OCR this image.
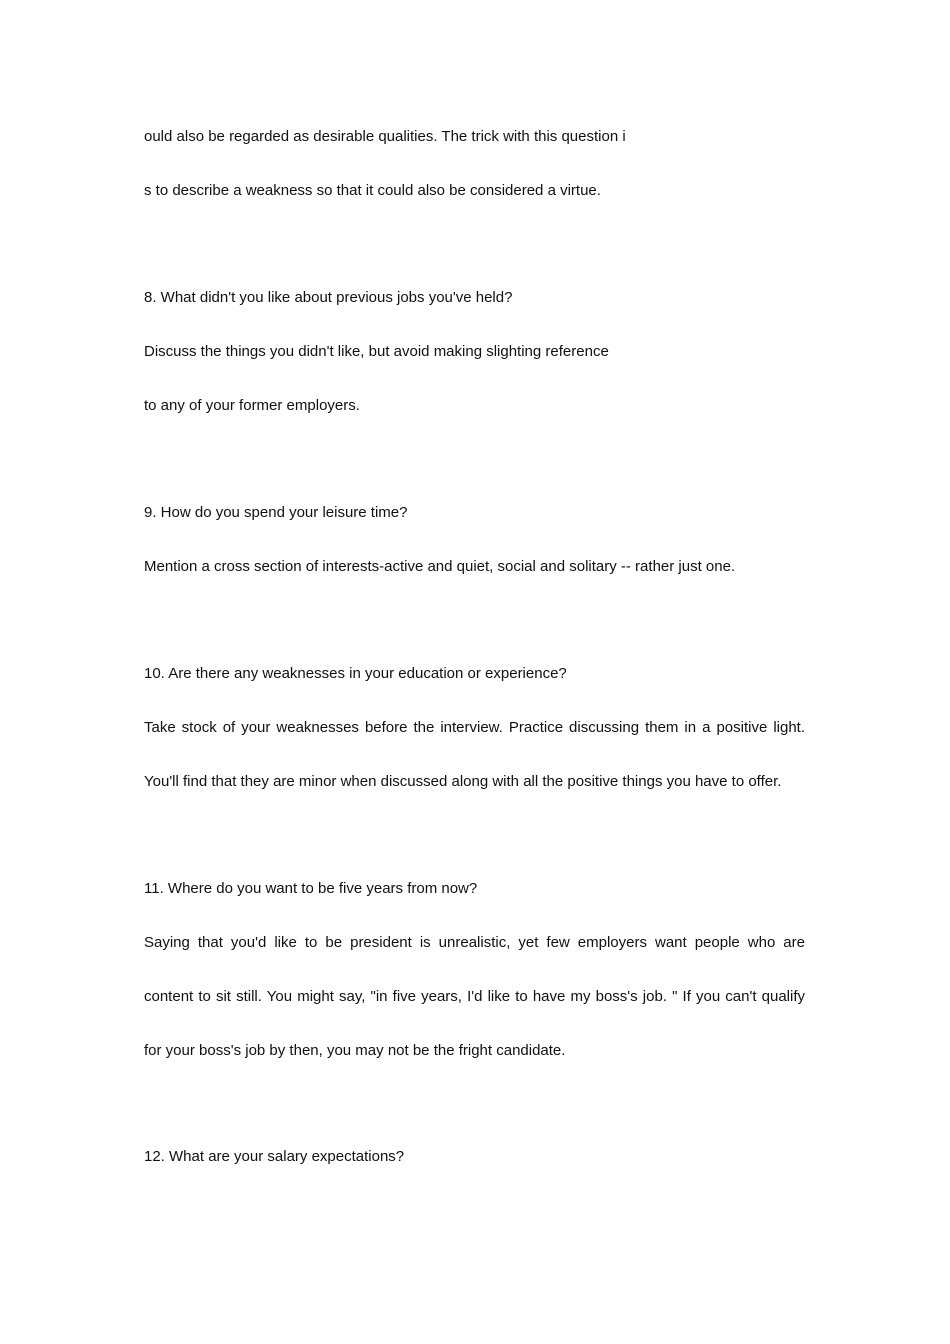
ould also be regarded as desirable qualities. The trick with this question i
s to describe a weakness so that it could also be considered a virtue.
8. What didn't you like about previous jobs you've held?
Discuss the things you didn't like, but avoid making slighting reference
to any of your former employers.
9. How do you spend your leisure time?
Mention a cross section of interests-active and quiet, social and solitary -- rather just one.
10. Are there any weaknesses in your education or experience?
Take stock of your weaknesses before the interview. Practice discussing them in a positive light.
You'll find that they are minor when discussed along with all the positive things you have to offer.
11. Where do you want to be five years from now?
Saying that you'd like to be president is unrealistic, yet few employers want people who are
content to sit still. You might say, "in five years, I'd like to have my boss's job. " If you can't qualify
for your boss's job by then, you may not be the fright candidate.
12. What are your salary expectations?
